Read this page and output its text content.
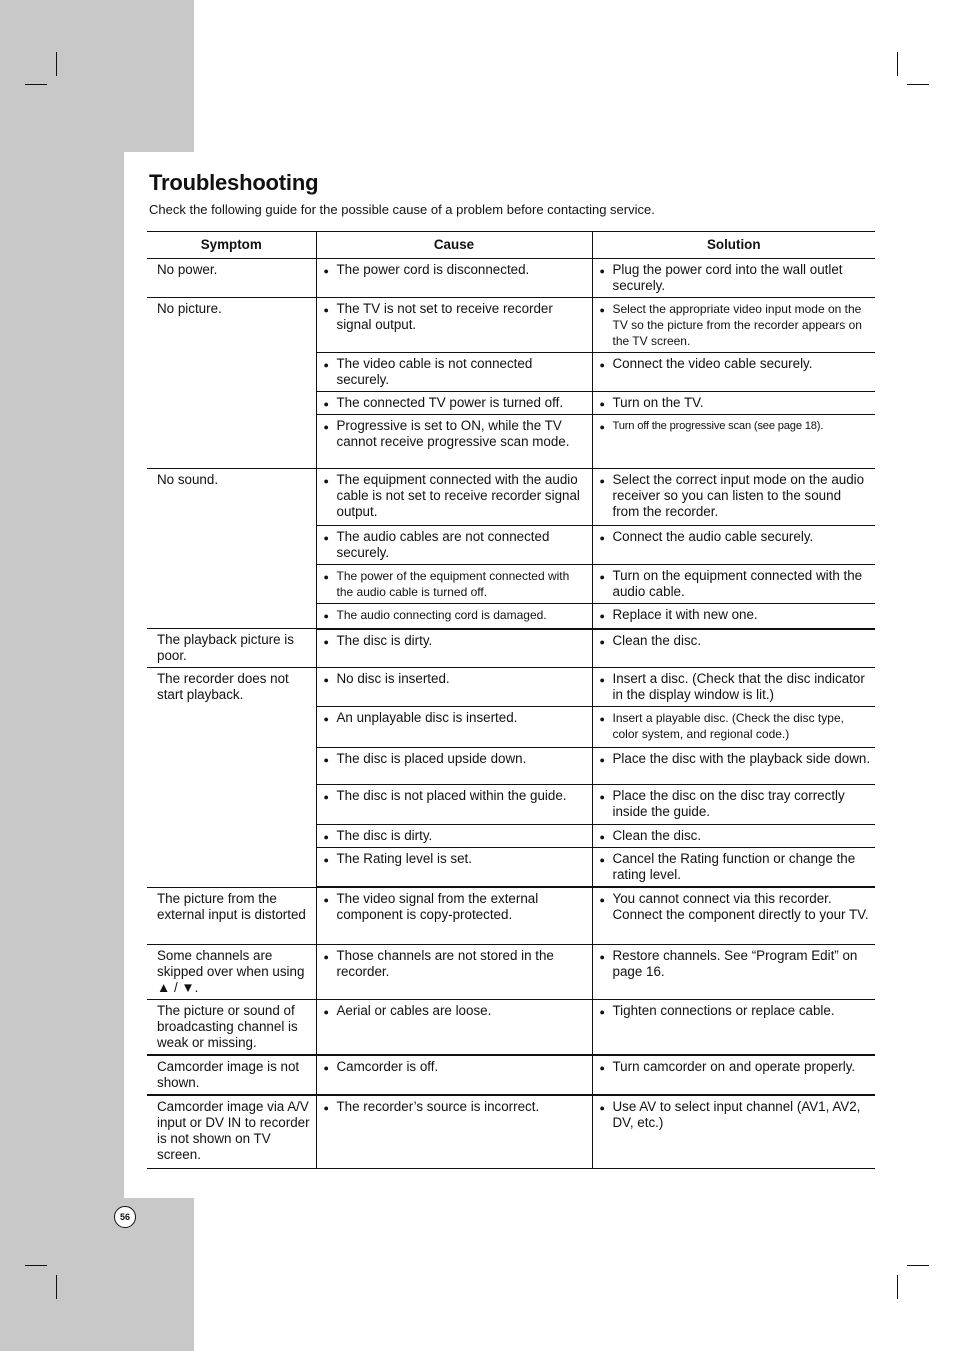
Troubleshooting
Check the following guide for the possible cause of a problem before contacting service.
Symptom	Cause	Solution
No power.	● The power cord is disconnected.	● Plug the power cord into the wall outlet securely.
No picture.	● The TV is not set to receive recorder signal output.	● Select the appropriate video input mode on the TV so the picture from the recorder appears on the TV screen.
	● The video cable is not connected securely.	● Connect the video cable securely.
	● The connected TV power is turned off.	● Turn on the TV.
	● Progressive is set to ON, while the TV cannot receive progressive scan mode.	● Turn off the progressive scan (see page 18).
No sound.	● The equipment connected with the audio cable is not set to receive recorder signal output.	● Select the correct input mode on the audio receiver so you can listen to the sound from the recorder.
	● The audio cables are not connected securely.	● Connect the audio cable securely.
	● The power of the equipment connected with the audio cable is turned off.	● Turn on the equipment connected with the audio cable.
	● The audio connecting cord is damaged.	● Replace it with new one.
The playback picture is poor.	● The disc is dirty.	● Clean the disc.
The recorder does not start playback.	● No disc is inserted.	● Insert a disc. (Check that the disc indicator in the display window is lit.)
	● An unplayable disc is inserted.	● Insert a playable disc. (Check the disc type, color system, and regional code.)
	● The disc is placed upside down.	● Place the disc with the playback side down.
	● The disc is not placed within the guide.	● Place the disc on the disc tray correctly inside the guide.
	● The disc is dirty.	● Clean the disc.
	● The Rating level is set.	● Cancel the Rating function or change the rating level.
The picture from the external input is distorted	● The video signal from the external component is copy-protected.	● You cannot connect via this recorder. Connect the component directly to your TV.
Some channels are skipped over when using ▲ / ▼.	● Those channels are not stored in the recorder.	● Restore channels. See “Program Edit” on page 16.
The picture or sound of broadcasting channel is weak or missing.	● Aerial or cables are loose.	● Tighten connections or replace cable.
Camcorder image is not shown.	● Camcorder is off.	● Turn camcorder on and operate properly.
Camcorder image via A/V input or DV IN to recorder is not shown on TV screen.	● The recorder’s source is incorrect.	● Use AV to select input channel (AV1, AV2, DV, etc.)
56
